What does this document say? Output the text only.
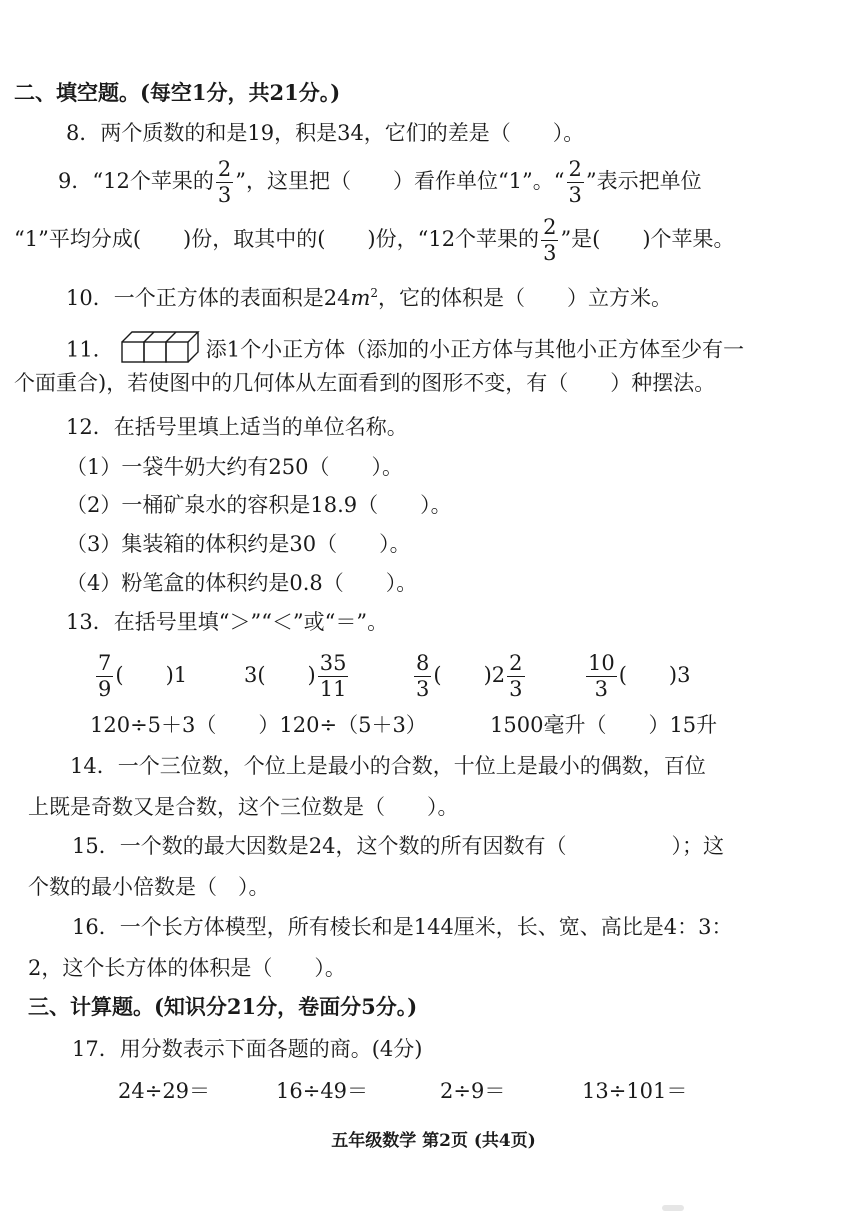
二、填空题。(每空1分，共21分。)
8．两个质数的和是19，积是34，它们的差是（　　）。
9．“12个苹果的 $\frac{2}{3}$ ”，这里把（　　）看作单位“1”。“ $\frac{2}{3}$ ”表示把单位
“1”平均分成(　　)份，取其中的(　　)份，“12个苹果的 $\frac{2}{3}$ ”是(　　)个苹果。
10．一个正方体的表面积是$24m^2$，它的体积是（　　）立方米。
11．	添1个小正方体（添加的小正方体与其他小正方体至少有一
个面重合)，若使图中的几何体从左面看到的图形不变，有（　　）种摆法。
12．在括号里填上适当的单位名称。
（1）一袋牛奶大约有250（　　）。
（2）一桶矿泉水的容积是18.9（　　）。
（3）集装箱的体积约是30（　　）。
（4）粉笔盒的体积约是0.8（　　）。
13．在括号里填“＞”“＜”或“＝”。
$\frac{7}{9}$ (　　)1	3(　　) $\frac{35}{11}$	$\frac{8}{3}$ (　　)$2 \frac{2}{3}$	$\frac{10}{3}$ (　　)3
120÷5＋3（　　）120÷（5＋3）	1500毫升（　　）15升
14．一个三位数，个位上是最小的合数，十位上是最小的偶数，百位
上既是奇数又是合数，这个三位数是（　　）。
15．一个数的最大因数是24，这个数的所有因数有（　　　　　）；这
个数的最小倍数是（　）。
16．一个长方体模型，所有棱长和是144厘米，长、宽、高比是4：3：
2，这个长方体的体积是（　　）。
三、计算题。(知识分21分，卷面分5分。)
17．用分数表示下面各题的商。(4分)
24÷29＝	16÷49＝	2÷9＝	13÷101＝
五年级数学 第2页 (共4页)
